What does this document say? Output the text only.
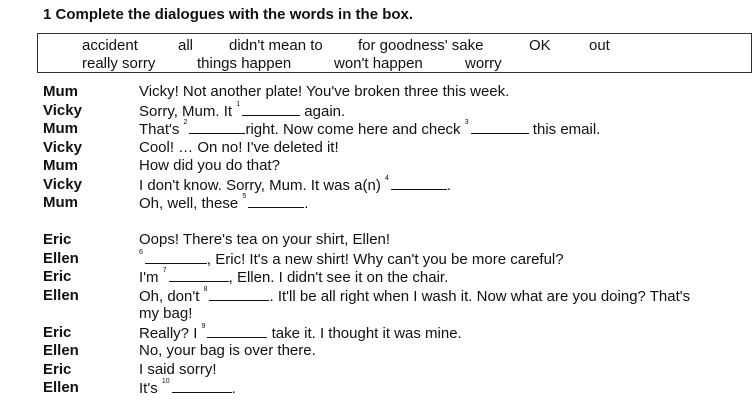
1 Complete the dialogues with the words in the box.
accident	all didn't mean to for goodness' sake	OK	out
really sorry	things happen	won't happen	worry
Mum	Vicky! Not another plate! You've broken three this week.
Vicky	Sorry, Mum. It $^1$	again.
Mum	That's $^2$	right. Now come here and check $^3$	this email.
Vicky	Cool! … On no! I've deleted it!
Mum	How did you do that?
Vicky	I don't know. Sorry, Mum. It was a(n) $^4$	.
Mum	Oh, well, these $^5$	.
Eric	Oops! There's tea on your shirt, Ellen!
Ellen	$^6$	, Eric! It's a new shirt! Why can't you be more careful?
Eric	I'm $^7$	, Ellen. I didn't see it on the chair.
Ellen	Oh, don't $^8$	. It'll be all right when I wash it. Now what are you doing? That's
my bag!
Eric	Really? I $^9$	take it. I thought it was mine.
Ellen	No, your bag is over there.
Eric	I said sorry!
Ellen	It's $^{10}$	.
